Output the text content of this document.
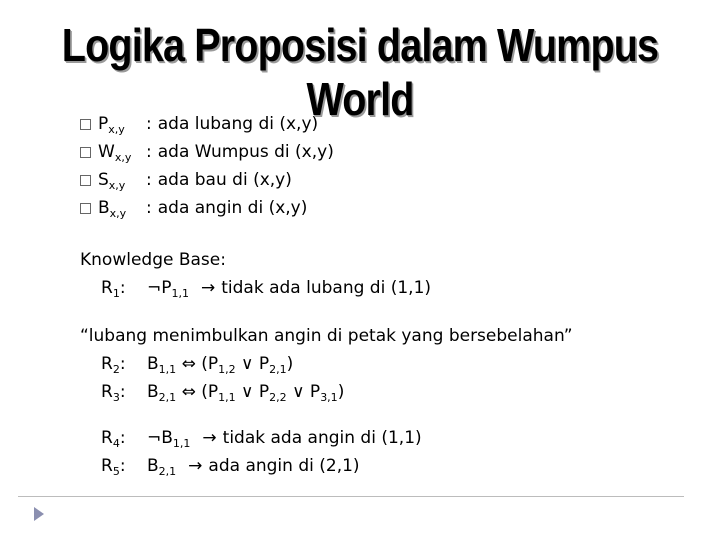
Logika Proposisi dalam Wumpus World
$P_{x,y}$ : ada lubang di (x,y)
$W_{x,y}$ : ada Wumpus di (x,y)
$S_{x,y}$ : ada bau di (x,y)
$B_{x,y}$ : ada angin di (x,y)
Knowledge Base:
$R_1$: $\neg P_{1,1}$ → tidak ada lubang di (1,1)
“lubang menimbulkan angin di petak yang bersebelahan”
$R_2$: $B_{1,1}$ ⇔ ($P_{1,2}$ ∨ $P_{2,1}$)
$R_3$: $B_{2,1}$ ⇔ ($P_{1,1}$ ∨ $P_{2,2}$ ∨ $P_{3,1}$)
$R_4$: $\neg B_{1,1}$ → tidak ada angin di (1,1)
$R_5$: $B_{2,1}$ → ada angin di (2,1)
